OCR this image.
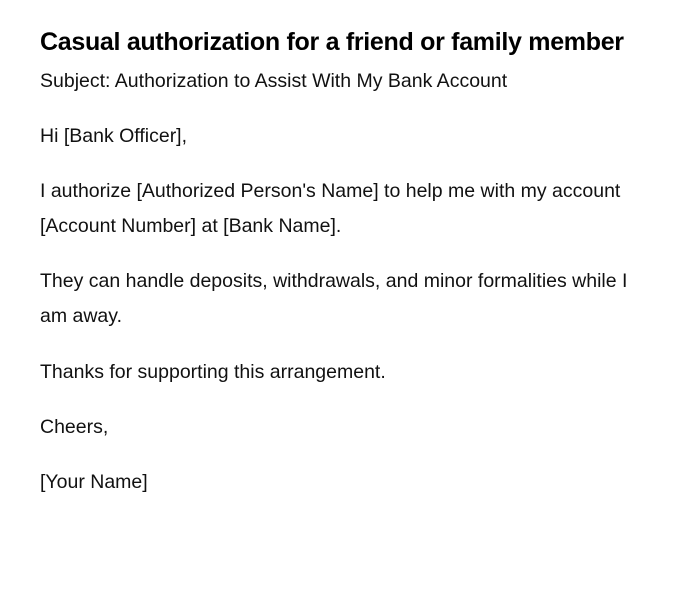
Casual authorization for a friend or family member

Subject: Authorization to Assist With My Bank Account

Hi [Bank Officer],

I authorize [Authorized Person's Name] to help me with my account [Account Number] at [Bank Name].

They can handle deposits, withdrawals, and minor formalities while I am away.

Thanks for supporting this arrangement.

Cheers,

[Your Name]
